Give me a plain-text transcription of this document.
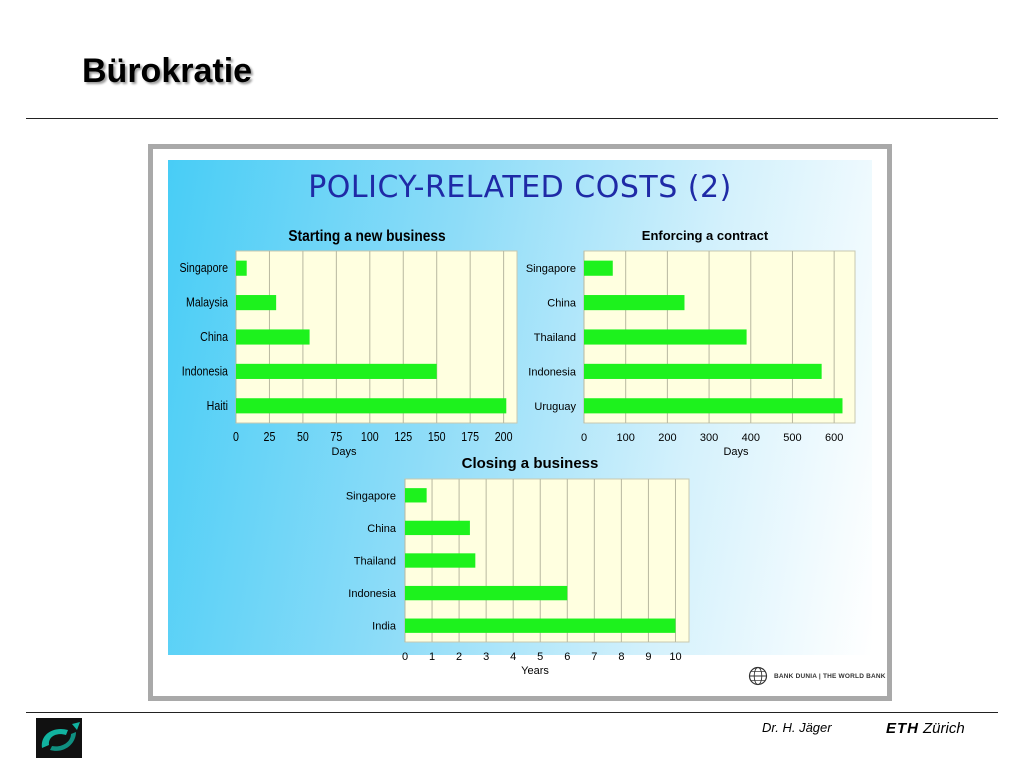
Bürokratie
POLICY-RELATED COSTS (2)
0 25 50 75 100 125 150 175 200
Singapore
Malaysia
China
Indonesia
Haiti
Starting a new business
Days
0	100 200 300 400 500 600
Singapore
China
Thailand
Indonesia
Uruguay
Enforcing a contract
Days
0 1 2 3 4 5 6 7 8 9 10
Singapore
China
Thailand
Indonesia
India
Closing a business
Years	BANK DUNIA | THE WORLD BANK
Dr. H. Jäger	ETH Zürich
